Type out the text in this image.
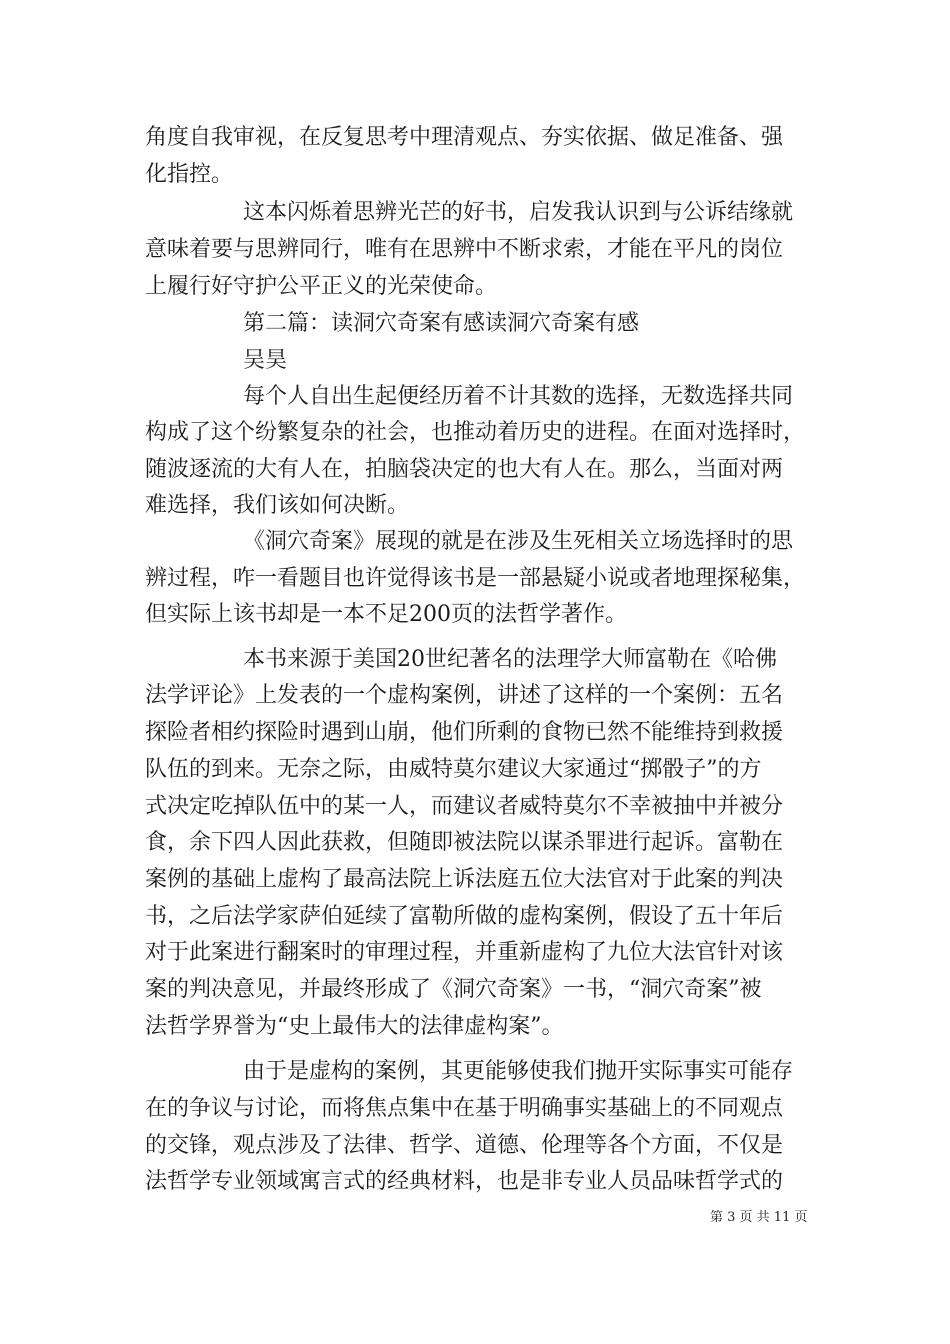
角度自我审视，在反复思考中理清观点、夯实依据、做足准备、强
化指控。
这本闪烁着思辨光芒的好书，启发我认识到与公诉结缘就
意味着要与思辨同行，唯有在思辨中不断求索，才能在平凡的岗位
上履行好守护公平正义的光荣使命。
第二篇：读洞穴奇案有感读洞穴奇案有感
吴昊
每个人自出生起便经历着不计其数的选择，无数选择共同
构成了这个纷繁复杂的社会，也推动着历史的进程。在面对选择时，
随波逐流的大有人在，拍脑袋决定的也大有人在。那么，当面对两
难选择，我们该如何决断。
《洞穴奇案》展现的就是在涉及生死相关立场选择时的思
辨过程，咋一看题目也许觉得该书是一部悬疑小说或者地理探秘集，
但实际上该书却是一本不足200页的法哲学著作。
本书来源于美国20世纪著名的法理学大师富勒在《哈佛
法学评论》上发表的一个虚构案例，讲述了这样的一个案例：五名
探险者相约探险时遇到山崩，他们所剩的食物已然不能维持到救援
队伍的到来。无奈之际，由威特莫尔建议大家通过“掷骰子”的方
式决定吃掉队伍中的某一人，而建议者威特莫尔不幸被抽中并被分
食，余下四人因此获救，但随即被法院以谋杀罪进行起诉。富勒在
案例的基础上虚构了最高法院上诉法庭五位大法官对于此案的判决
书，之后法学家萨伯延续了富勒所做的虚构案例，假设了五十年后
对于此案进行翻案时的审理过程，并重新虚构了九位大法官针对该
案的判决意见，并最终形成了《洞穴奇案》一书，“洞穴奇案”被
法哲学界誉为“史上最伟大的法律虚构案”。
由于是虚构的案例，其更能够使我们抛开实际事实可能存
在的争议与讨论，而将焦点集中在基于明确事实基础上的不同观点
的交锋，观点涉及了法律、哲学、道德、伦理等各个方面，不仅是
法哲学专业领域寓言式的经典材料，也是非专业人员品味哲学式的
第 3 页 共 11 页
